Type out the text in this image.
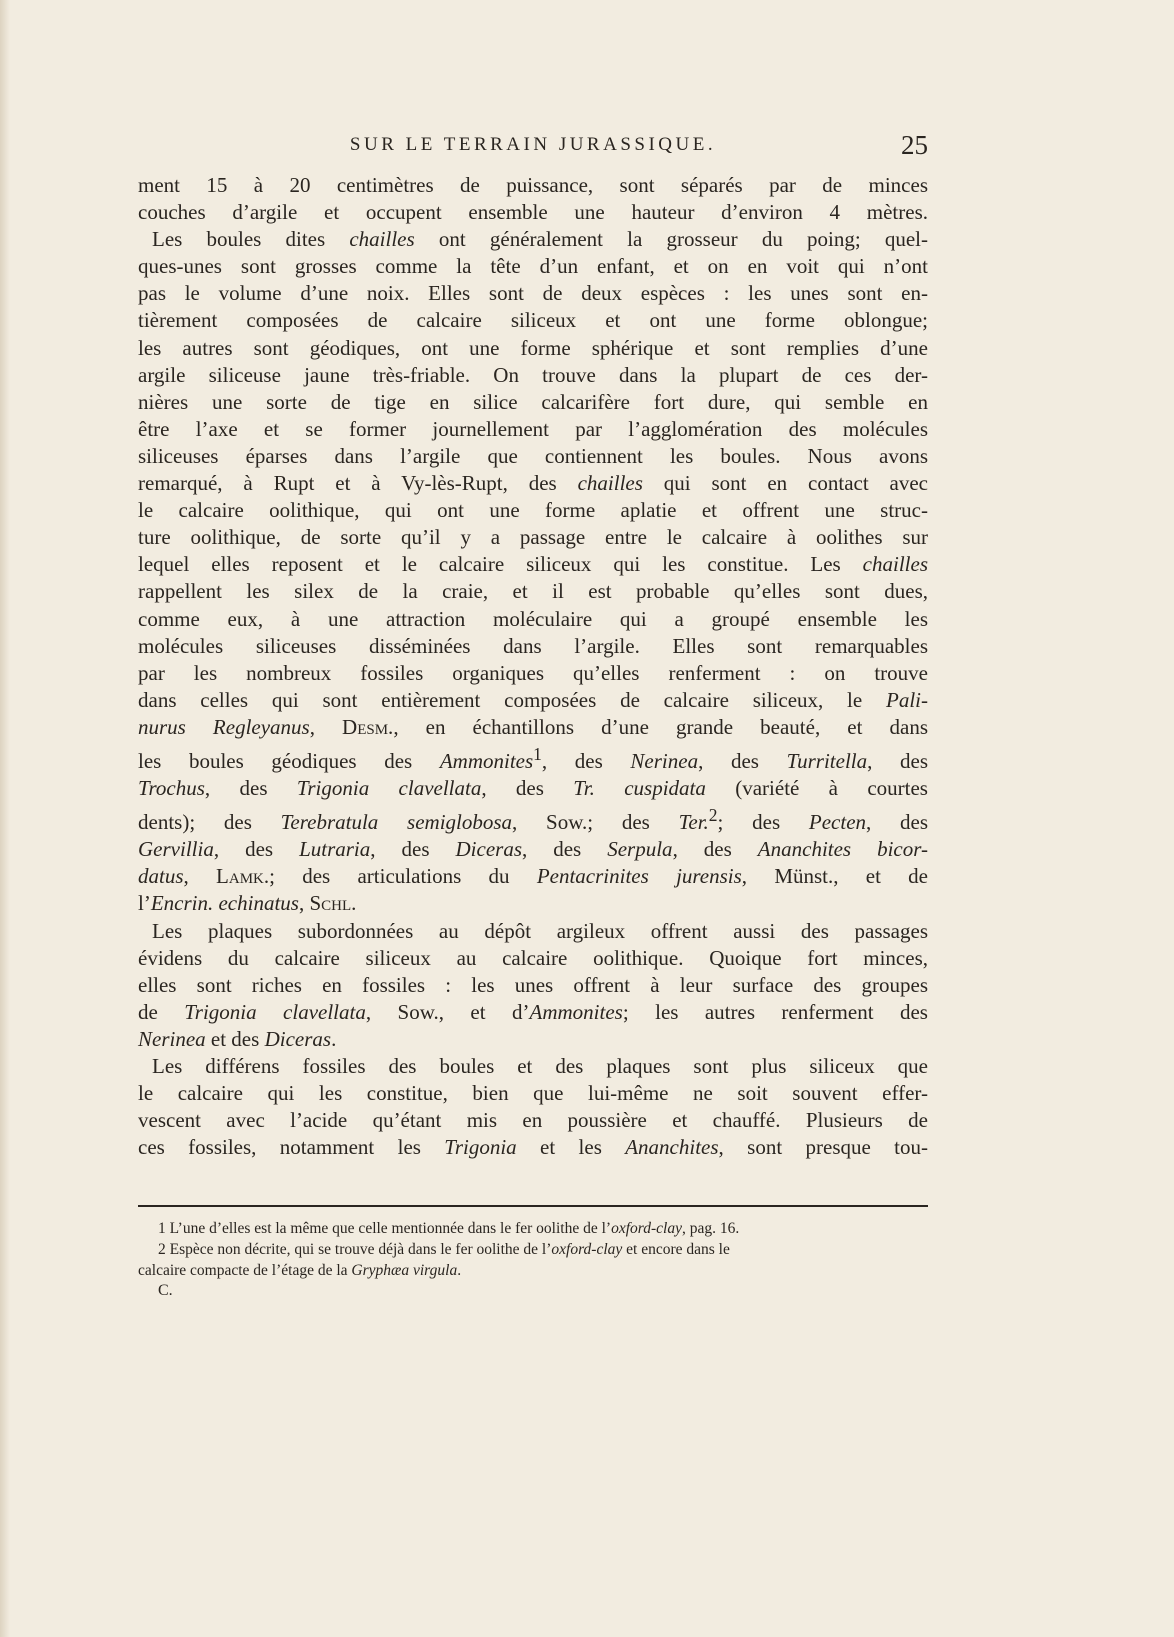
SUR LE TERRAIN JURASSIQUE.	25
ment 15 à 20 centimètres de puissance, sont séparés par de minces
couches d’argile et occupent ensemble une hauteur d’environ 4 mètres.
Les boules dites chailles ont généralement la grosseur du poing; quel-
ques-unes sont grosses comme la tête d’un enfant, et on en voit qui n’ont
pas le volume d’une noix. Elles sont de deux espèces : les unes sont en-
tièrement composées de calcaire siliceux et ont une forme oblongue;
les autres sont géodiques, ont une forme sphérique et sont remplies d’une
argile siliceuse jaune très-friable. On trouve dans la plupart de ces der-
nières une sorte de tige en silice calcarifère fort dure, qui semble en
être l’axe et se former journellement par l’agglomération des molécules
siliceuses éparses dans l’argile que contiennent les boules. Nous avons
remarqué, à Rupt et à Vy-lès-Rupt, des chailles qui sont en contact avec
le calcaire oolithique, qui ont une forme aplatie et offrent une struc-
ture oolithique, de sorte qu’il y a passage entre le calcaire à oolithes sur
lequel elles reposent et le calcaire siliceux qui les constitue. Les chailles
rappellent les silex de la craie, et il est probable qu’elles sont dues,
comme eux, à une attraction moléculaire qui a groupé ensemble les
molécules siliceuses disséminées dans l’argile. Elles sont remarquables
par les nombreux fossiles organiques qu’elles renferment : on trouve
dans celles qui sont entièrement composées de calcaire siliceux, le Pali-
nurus Regleyanus, Desm., en échantillons d’une grande beauté, et dans
les boules géodiques des Ammonites$^1$, des Nerinea, des Turritella, des
Trochus, des Trigonia clavellata, des Tr. cuspidata (variété à courtes
dents); des Terebratula semiglobosa, Sow.; des Ter.$^2$; des Pecten, des
Gervillia, des Lutraria, des Diceras, des Serpula, des Ananchites bicor-
datus, Lamk.; des articulations du Pentacrinites jurensis, Münst., et de
l’Encrin. echinatus, Schl.
Les plaques subordonnées au dépôt argileux offrent aussi des passages
évidens du calcaire siliceux au calcaire oolithique. Quoique fort minces,
elles sont riches en fossiles : les unes offrent à leur surface des groupes
de Trigonia clavellata, Sow., et d’Ammonites; les autres renferment des
Nerinea et des Diceras.
Les différens fossiles des boules et des plaques sont plus siliceux que
le calcaire qui les constitue, bien que lui-même ne soit souvent effer-
vescent avec l’acide qu’étant mis en poussière et chauffé. Plusieurs de
ces fossiles, notamment les Trigonia et les Ananchites, sont presque tou-
1 L’une d’elles est la même que celle mentionnée dans le fer oolithe de l’oxford-clay, pag. 16.
2 Espèce non décrite, qui se trouve déjà dans le fer oolithe de l’oxford-clay et encore dans le
calcaire compacte de l’étage de la Gryphæa virgula.
C.
